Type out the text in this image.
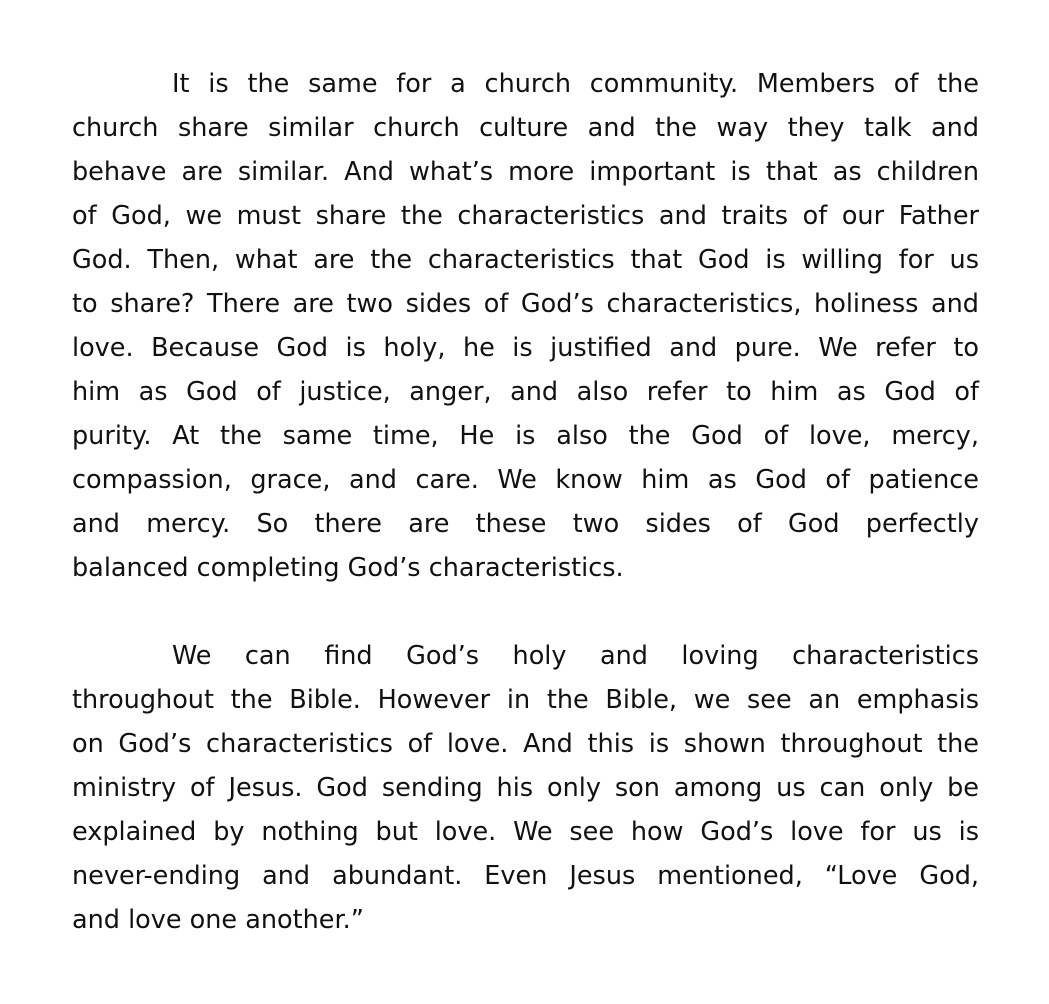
It is the same for a church community. Members of the
church share similar church culture and the way they talk and
behave are similar. And what’s more important is that as children
of God, we must share the characteristics and traits of our Father
God. Then, what are the characteristics that God is willing for us
to share? There are two sides of God’s characteristics, holiness and
love. Because God is holy, he is justified and pure. We refer to
him as God of justice, anger, and also refer to him as God of
purity. At the same time, He is also the God of love, mercy,
compassion, grace, and care. We know him as God of patience
and mercy. So there are these two sides of God perfectly
balanced completing God’s characteristics.
We can find God’s holy and loving characteristics
throughout the Bible. However in the Bible, we see an emphasis
on God’s characteristics of love. And this is shown throughout the
ministry of Jesus. God sending his only son among us can only be
explained by nothing but love. We see how God’s love for us is
never-ending and abundant. Even Jesus mentioned, “Love God,
and love one another.”
